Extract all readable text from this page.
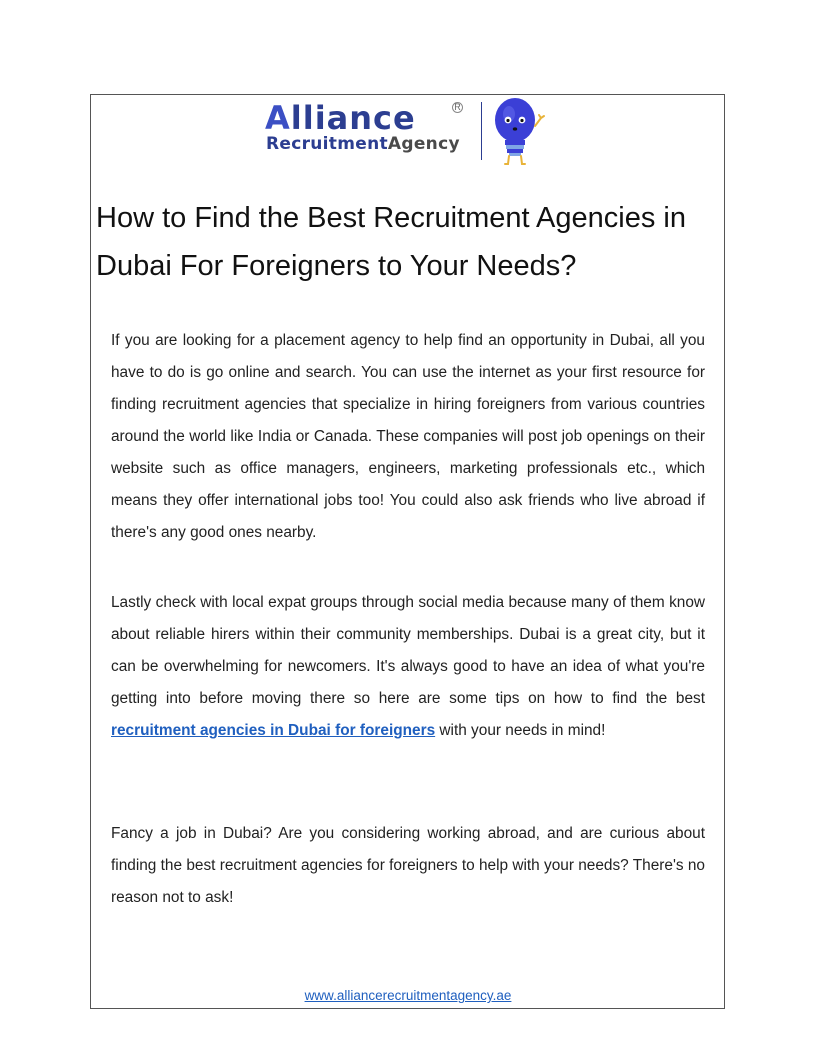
Alliance	R
RecruitmentAgency
How to Find the Best Recruitment Agencies in Dubai For Foreigners to Your Needs?

If you are looking for a placement agency to help find an opportunity in Dubai, all you have to do is go online and search. You can use the internet as your first resource for finding recruitment agencies that specialize in hiring foreigners from various countries around the world like India or Canada. These companies will post job openings on their website such as office managers, engineers, marketing professionals etc., which means they offer international jobs too! You could also ask friends who live abroad if there's any good ones nearby.

Lastly check with local expat groups through social media because many of them know about reliable hirers within their community memberships. Dubai is a great city, but it can be overwhelming for newcomers. It's always good to have an idea of what you're getting into before moving there so here are some tips on how to find the best recruitment agencies in Dubai for foreigners with your needs in mind!

Fancy a job in Dubai? Are you considering working abroad, and are curious about finding the best recruitment agencies for foreigners to help with your needs? There's no reason not to ask!

www.alliancerecruitmentagency.ae
